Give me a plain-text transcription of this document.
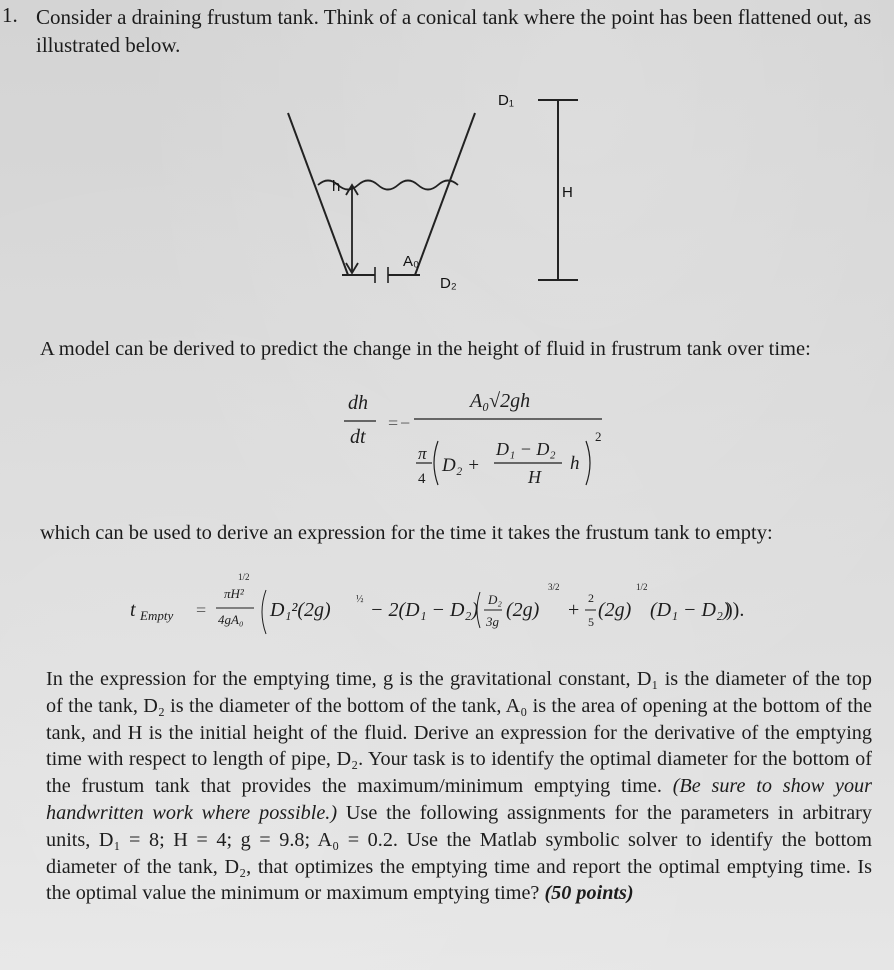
1. Consider a draining frustum tank. Think of a conical tank where the point has been flattened out, as illustrated below.
D₁
H
h
A₀
D₂
A model can be derived to predict the change in the height of fluid in frustrum tank over time:
dh
dt
A₀√2gh
π
4
D₂ +
D₁ − D₂
H
h
2
= −
which can be used to derive an expression for the time it takes the frustum tank to empty:
t Empty =
πH²
4gA₀
1/2
D₁²(2g)	½ − 2(D₁ − D₂) D₂
3g
(2g)
3/2
+
2
5
(2g)
1/2
(D₁ − D₂)
)).
In the expression for the emptying time, g is the gravitational constant, D₁ is the diameter of the top of the tank, D₂ is the diameter of the bottom of the tank, A₀ is the area of opening at the bottom of the tank, and H is the initial height of the fluid. Derive an expression for the derivative of the emptying time with respect to length of pipe, D₂. Your task is to identify the optimal diameter for the bottom of the frustum tank that provides the maximum/minimum emptying time. (Be sure to show your handwritten work where possible.) Use the following assignments for the parameters in arbitrary units, D₁ = 8; H = 4; g = 9.8; A₀ = 0.2. Use the Matlab symbolic solver to identify the bottom diameter of the tank, D₂, that optimizes the emptying time and report the optimal emptying time. Is the optimal value the minimum or maximum emptying time? (50 points)
